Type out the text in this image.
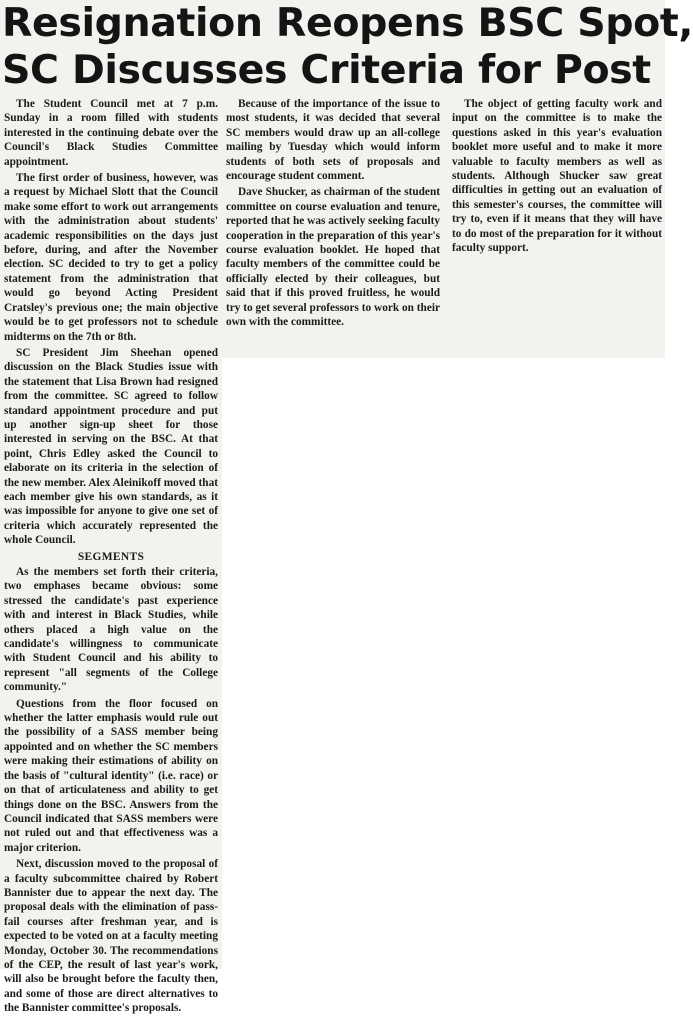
Resignation Reopens BSC Spot,
SC Discusses Criteria for Post

The Student Council met at 7 p.m. Sunday in a room filled with students interested in the continuing debate over the Council's Black Studies Committee appointment.

The first order of business, however, was a request by Michael Slott that the Council make some effort to work out arrangements with the administration about students' academic responsibilities on the days just before, during, and after the November election. SC decided to try to get a policy statement from the administration that would go beyond Acting President Cratsley's previous one; the main objective would be to get professors not to schedule midterms on the 7th or 8th.

SC President Jim Sheehan opened discussion on the Black Studies issue with the statement that Lisa Brown had resigned from the committee. SC agreed to follow standard appointment procedure and put up another sign-up sheet for those interested in serving on the BSC. At that point, Chris Edley asked the Council to elaborate on its criteria in the selection of the new member. Alex Aleinikoff moved that each member give his own standards, as it was impossible for anyone to give one set of criteria which accurately represented the whole Council.

SEGMENTS

As the members set forth their criteria, two emphases became obvious: some stressed the candidate's past experience with and interest in Black Studies, while others placed a high value on the candidate's willingness to communicate with Student Council and his ability to represent "all segments of the College community."

Questions from the floor focused on whether the latter emphasis would rule out the possibility of a SASS member being appointed and on whether the SC members were making their estimations of ability on the basis of "cultural identity" (i.e. race) or on that of articulateness and ability to get things done on the BSC. Answers from the Council indicated that SASS members were not ruled out and that effectiveness was a major criterion.

Next, discussion moved to the proposal of a faculty subcommittee chaired by Robert Bannister due to appear the next day. The proposal deals with the elimination of pass-fail courses after freshman year, and is expected to be voted on at a faculty meeting Monday, October 30. The recommendations of the CEP, the result of last year's work, will also be brought before the faculty then, and some of those are direct alternatives to the Bannister committee's proposals.

Because of the importance of the issue to most students, it was decided that several SC members would draw up an all-college mailing by Tuesday which would inform students of both sets of proposals and encourage student comment.

Dave Shucker, as chairman of the student committee on course evaluation and tenure, reported that he was actively seeking faculty cooperation in the preparation of this year's course evaluation booklet. He hoped that faculty members of the committee could be officially elected by their colleagues, but said that if this proved fruitless, he would try to get several professors to work on their own with the committee.

The object of getting faculty work and input on the committee is to make the questions asked in this year's evaluation booklet more useful and to make it more valuable to faculty members as well as students. Although Shucker saw great difficulties in getting out an evaluation of this semester's courses, the committee will try to, even if it means that they will have to do most of the preparation for it without faculty support.
